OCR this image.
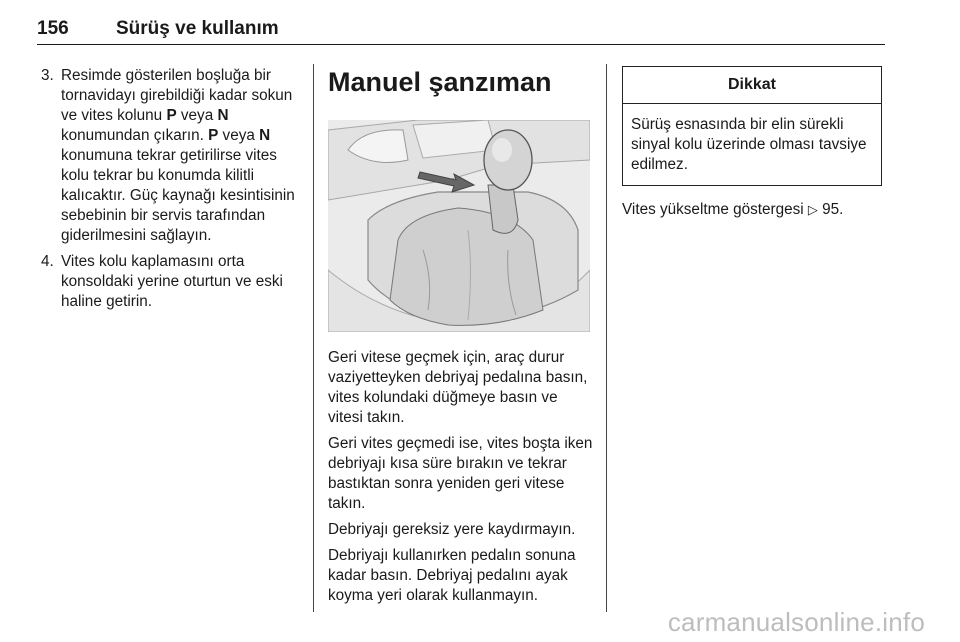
156 Sürüş ve kullanım
3. Resimde gösterilen boşluğa bir tornavidayı girebildiği kadar sokun ve vites kolunu P veya N konumundan çıkarın. P veya N konumuna tekrar getirilirse vites kolu tekrar bu konumda kilitli kalıcaktır. Güç kaynağı kesintisinin sebebinin bir servis tarafından giderilmesini sağlayın.
4. Vites kolu kaplamasını orta konsoldaki yerine oturtun ve eski haline getirin.
Manuel şanzıman

Geri vitese geçmek için, araç durur vaziyetteyken debriyaj pedalına basın, vites kolundaki düğmeye basın ve vitesi takın.

Geri vites geçmedi ise, vites boşta iken debriyajı kısa süre bırakın ve tekrar bastıktan sonra yeniden geri vitese takın.

Debriyajı gereksiz yere kaydırmayın.

Debriyajı kullanırken pedalın sonuna kadar basın. Debriyaj pedalını ayak koyma yeri olarak kullanmayın.

Dikkat
Sürüş esnasında bir elin sürekli sinyal kolu üzerinde olması tavsiye edilmez.

Vites yükseltme göstergesi ▷ 95.

carmanualsonline.info
